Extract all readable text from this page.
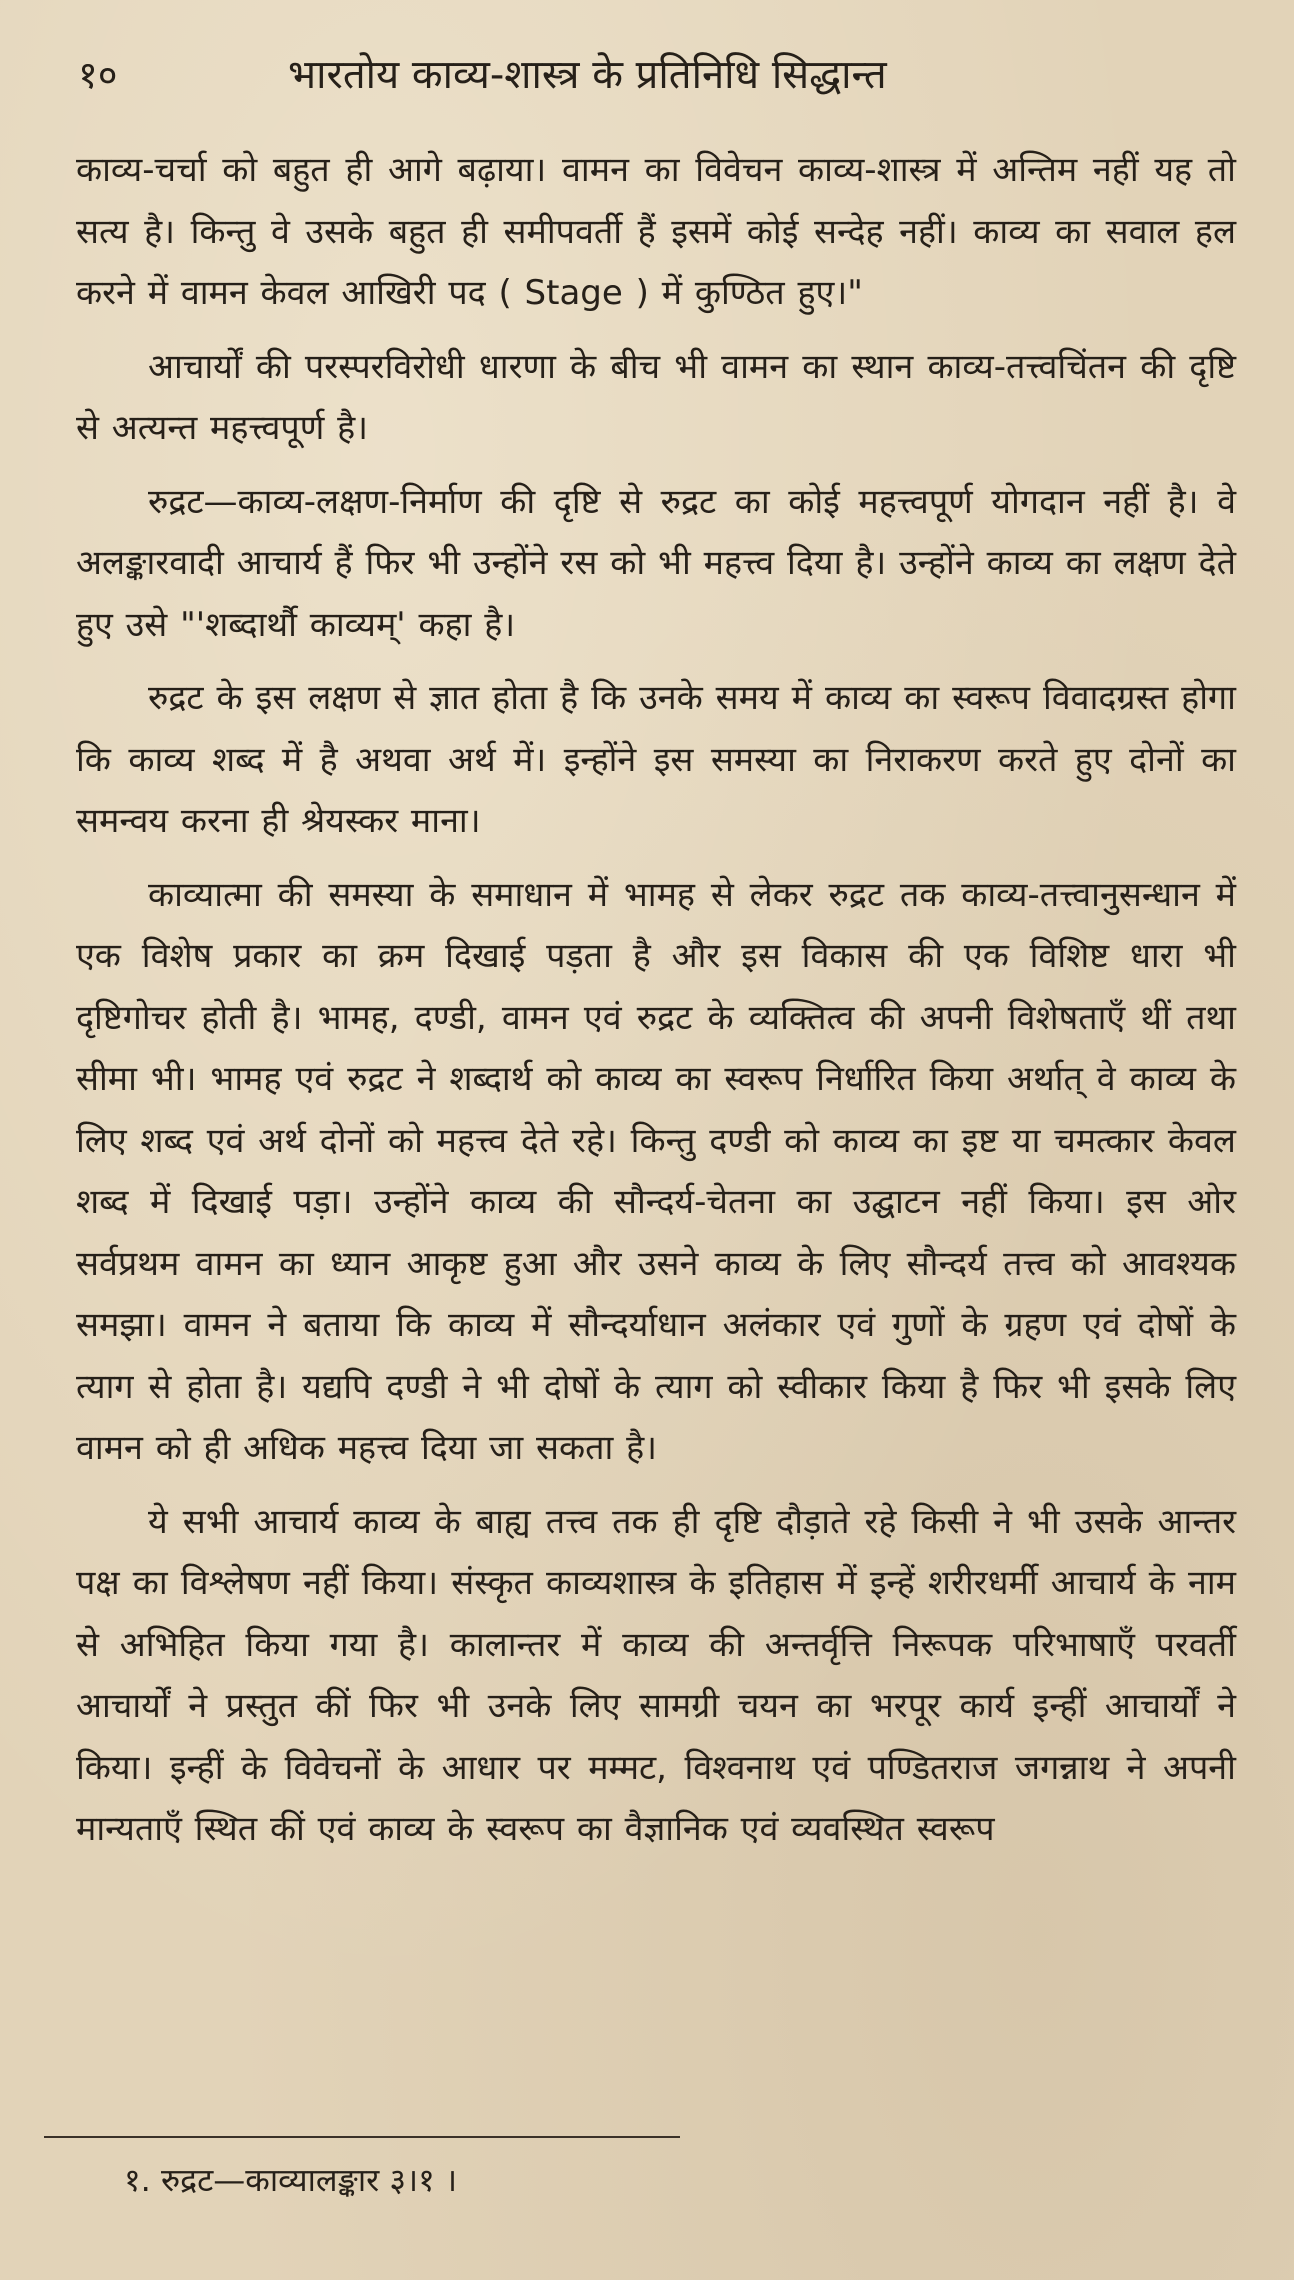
१०	भारतोय काव्य-शास्त्र के प्रतिनिधि सिद्धान्त

काव्य-चर्चा को बहुत ही आगे बढ़ाया। वामन का विवेचन काव्य-शास्त्र में अन्तिम नहीं यह तो सत्य है। किन्तु वे उसके बहुत ही समीपवर्ती हैं इसमें कोई सन्देह नहीं। काव्य का सवाल हल करने में वामन केवल आखिरी पद ( Stage ) में कुण्ठित हुए।"

आचार्यों की परस्परविरोधी धारणा के बीच भी वामन का स्थान काव्य-तत्त्वचिंतन की दृष्टि से अत्यन्त महत्त्वपूर्ण है।

रुद्रट—काव्य-लक्षण-निर्माण की दृष्टि से रुद्रट का कोई महत्त्वपूर्ण योगदान नहीं है। वे अलङ्कारवादी आचार्य हैं फिर भी उन्होंने रस को भी महत्त्व दिया है। उन्होंने काव्य का लक्षण देते हुए उसे "'शब्दार्थौ काव्यम्' कहा है।

रुद्रट के इस लक्षण से ज्ञात होता है कि उनके समय में काव्य का स्वरूप विवादग्रस्त होगा कि काव्य शब्द में है अथवा अर्थ में। इन्होंने इस समस्या का निराकरण करते हुए दोनों का समन्वय करना ही श्रेयस्कर माना।

काव्यात्मा की समस्या के समाधान में भामह से लेकर रुद्रट तक काव्य-तत्त्वानुसन्धान में एक विशेष प्रकार का क्रम दिखाई पड़ता है और इस विकास की एक विशिष्ट धारा भी दृष्टिगोचर होती है। भामह, दण्डी, वामन एवं रुद्रट के व्यक्तित्व की अपनी विशेषताएँ थीं तथा सीमा भी। भामह एवं रुद्रट ने शब्दार्थ को काव्य का स्वरूप निर्धारित किया अर्थात् वे काव्य के लिए शब्द एवं अर्थ दोनों को महत्त्व देते रहे। किन्तु दण्डी को काव्य का इष्ट या चमत्कार केवल शब्द में दिखाई पड़ा। उन्होंने काव्य की सौन्दर्य-चेतना का उद्घाटन नहीं किया। इस ओर सर्वप्रथम वामन का ध्यान आकृष्ट हुआ और उसने काव्य के लिए सौन्दर्य तत्त्व को आवश्यक समझा। वामन ने बताया कि काव्य में सौन्दर्याधान अलंकार एवं गुणों के ग्रहण एवं दोषों के त्याग से होता है। यद्यपि दण्डी ने भी दोषों के त्याग को स्वीकार किया है फिर भी इसके लिए वामन को ही अधिक महत्त्व दिया जा सकता है।

ये सभी आचार्य काव्य के बाह्य तत्त्व तक ही दृष्टि दौड़ाते रहे किसी ने भी उसके आन्तर पक्ष का विश्लेषण नहीं किया। संस्कृत काव्यशास्त्र के इतिहास में इन्हें शरीरधर्मी आचार्य के नाम से अभिहित किया गया है। कालान्तर में काव्य की अन्तर्वृत्ति निरूपक परिभाषाएँ परवर्ती आचार्यों ने प्रस्तुत कीं फिर भी उनके लिए सामग्री चयन का भरपूर कार्य इन्हीं आचार्यों ने किया। इन्हीं के विवेचनों के आधार पर मम्मट, विश्वनाथ एवं पण्डितराज जगन्नाथ ने अपनी मान्यताएँ स्थित कीं एवं काव्य के स्वरूप का वैज्ञानिक एवं व्यवस्थित स्वरूप

१. रुद्रट—काव्यालङ्कार ३।१ ।
